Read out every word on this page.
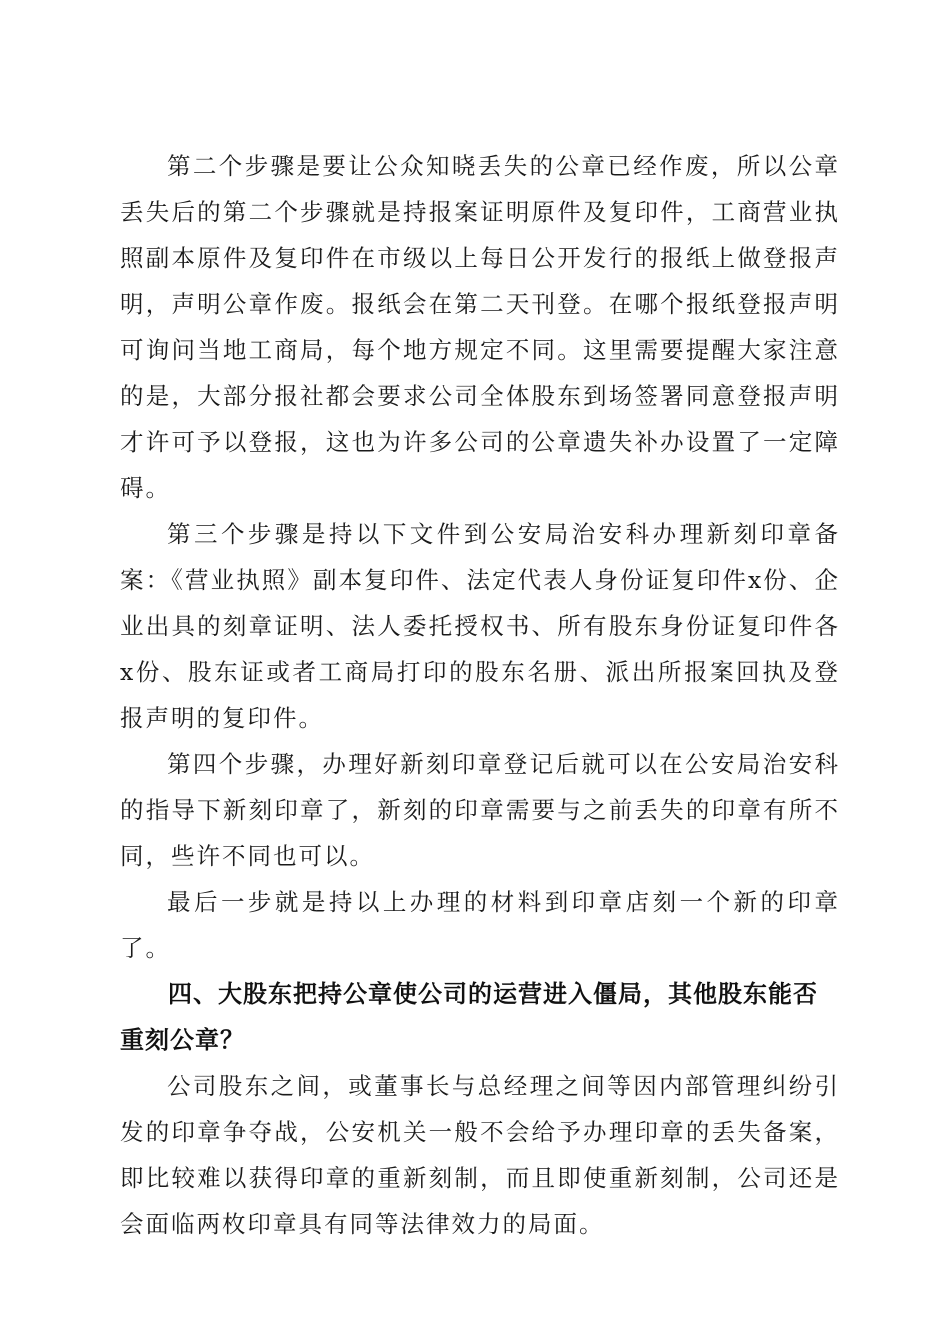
第二个步骤是要让公众知晓丢失的公章已经作废，所以公章丢失后的第二个步骤就是持报案证明原件及复印件，工商营业执照副本原件及复印件在市级以上每日公开发行的报纸上做登报声明，声明公章作废。报纸会在第二天刊登。在哪个报纸登报声明可询问当地工商局，每个地方规定不同。这里需要提醒大家注意的是，大部分报社都会要求公司全体股东到场签署同意登报声明才许可予以登报，这也为许多公司的公章遗失补办设置了一定障碍。

第三个步骤是持以下文件到公安局治安科办理新刻印章备案：《营业执照》副本复印件、法定代表人身份证复印件x份、企业出具的刻章证明、法人委托授权书、所有股东身份证复印件各x份、股东证或者工商局打印的股东名册、派出所报案回执及登报声明的复印件。

第四个步骤，办理好新刻印章登记后就可以在公安局治安科的指导下新刻印章了，新刻的印章需要与之前丢失的印章有所不同，些许不同也可以。

最后一步就是持以上办理的材料到印章店刻一个新的印章了。

四、大股东把持公章使公司的运营进入僵局，其他股东能否重刻公章？

公司股东之间，或董事长与总经理之间等因内部管理纠纷引发的印章争夺战，公安机关一般不会给予办理印章的丢失备案，即比较难以获得印章的重新刻制，而且即使重新刻制，公司还是会面临两枚印章具有同等法律效力的局面。
